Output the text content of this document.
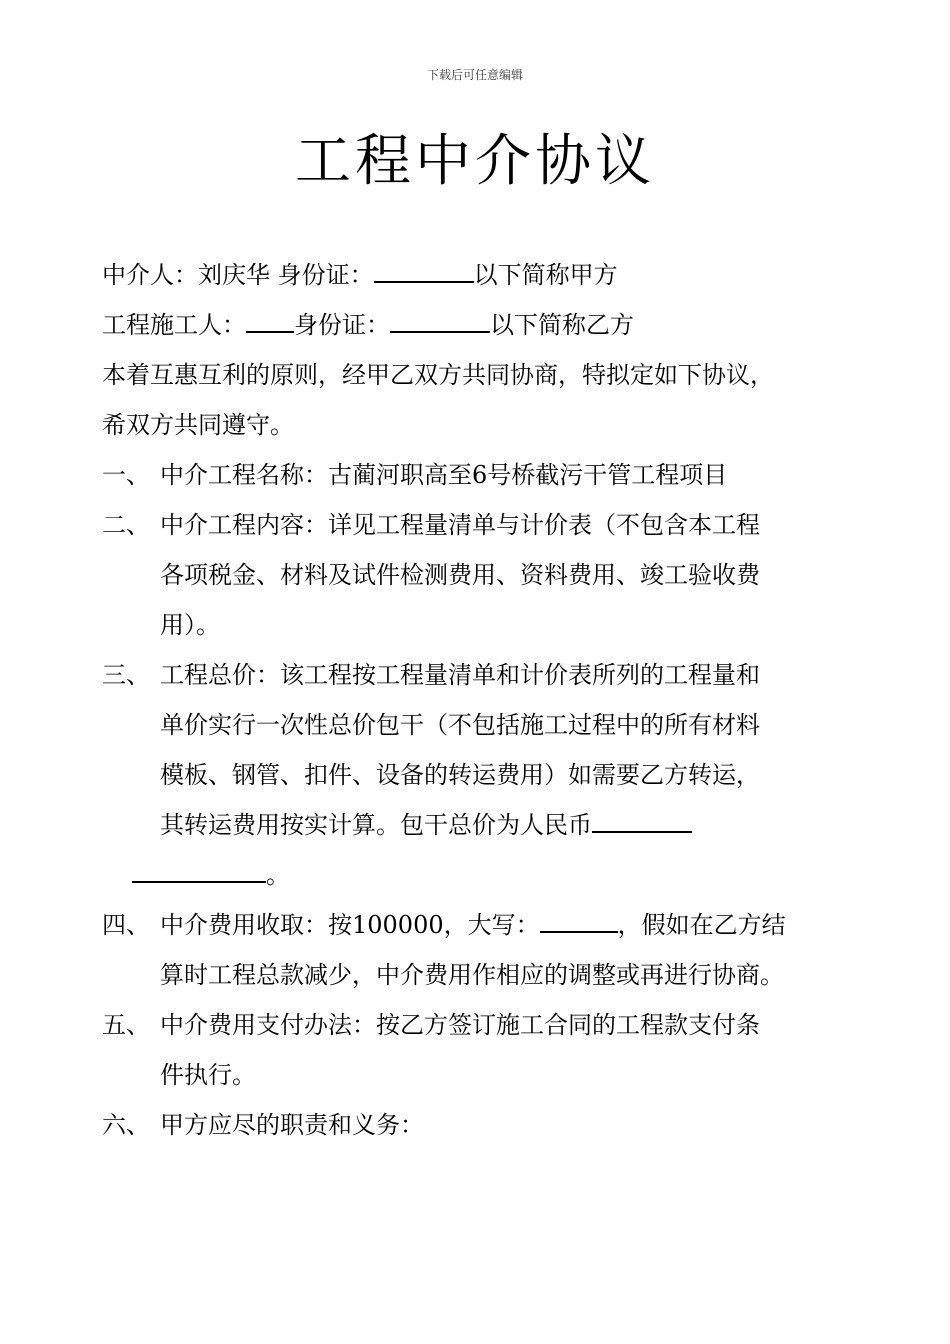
下载后可任意编辑
工程中介协议
中介人：刘庆华 身份证：	以下简称甲方
工程施工人： 身份证：	以下简称乙方
本着互惠互利的原则，经甲乙双方共同协商，特拟定如下协议，
希双方共同遵守。
一、 中介工程名称：古蔺河职高至6号桥截污干管工程项目
二、 中介工程内容：详见工程量清单与计价表（不包含本工程
各项税金、材料及试件检测费用、资料费用、竣工验收费
用）。
三、 工程总价：该工程按工程量清单和计价表所列的工程量和
单价实行一次性总价包干（不包括施工过程中的所有材料
模板、钢管、扣件、设备的转运费用）如需要乙方转运，
其转运费用按实计算。包干总价为人民币
。
四、 中介费用收取：按100000，大写：	，假如在乙方结
算时工程总款减少，中介费用作相应的调整或再进行协商。
五、 中介费用支付办法：按乙方签订施工合同的工程款支付条
件执行。
六、 甲方应尽的职责和义务：
